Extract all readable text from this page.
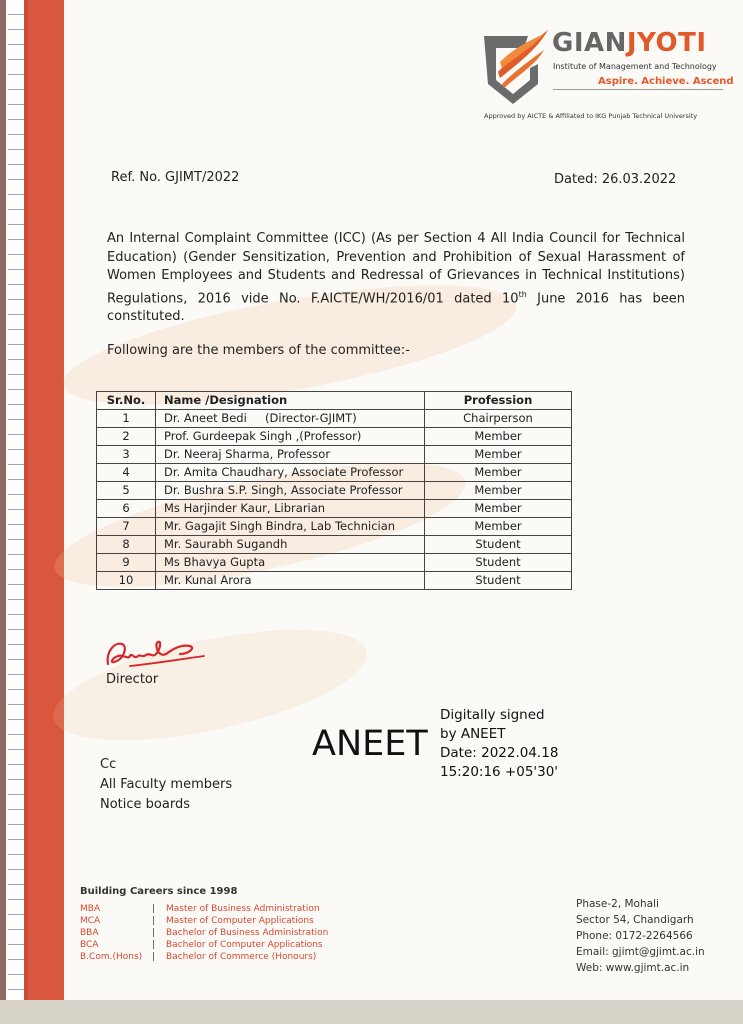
GIANJYOTI
Institute of Management and Technology
Aspire. Achieve. Ascend
Approved by AICTE & Affiliated to IKG Punjab Technical University
Ref. No. GJIMT/2022	Dated: 26.03.2022
An Internal Complaint Committee (ICC) (As per Section 4 All India Council for Technical Education) (Gender Sensitization, Prevention and Prohibition of Sexual Harassment of Women Employees and Students and Redressal of Grievances in Technical Institutions) Regulations, 2016 vide No. F.AICTE/WH/2016/01 dated 10th June 2016 has been constituted.
Following are the members of the committee:-
Sr.No.	Name /Designation	Profession
1	Dr. Aneet Bedi     (Director-GJIMT)	Chairperson
2	Prof. Gurdeepak Singh ,(Professor)	Member
3	Dr. Neeraj Sharma, Professor	Member
4	Dr. Amita Chaudhary, Associate Professor	Member
5	Dr. Bushra S.P. Singh, Associate Professor	Member
6	Ms Harjinder Kaur, Librarian	Member
7	Mr. Gagajit Singh Bindra, Lab Technician	Member
8	Mr. Saurabh Sugandh	Student
9	Ms Bhavya Gupta	Student
10	Mr. Kunal Arora	Student
Director
ANEET
Digitally signed
by ANEET
Date: 2022.04.18
15:20:16 +05'30'
Cc
All Faculty members
Notice boards
Building Careers since 1998
MBA	|	Master of Business Administration
MCA	|	Master of Computer Applications
BBA	|	Bachelor of Business Administration
BCA	|	Bachelor of Computer Applications
B.Com.(Hons)	|	Bachelor of Commerce (Honours)
Phase-2, Mohali
Sector 54, Chandigarh
Phone: 0172-2264566
Email: gjimt@gjimt.ac.in
Web: www.gjimt.ac.in
